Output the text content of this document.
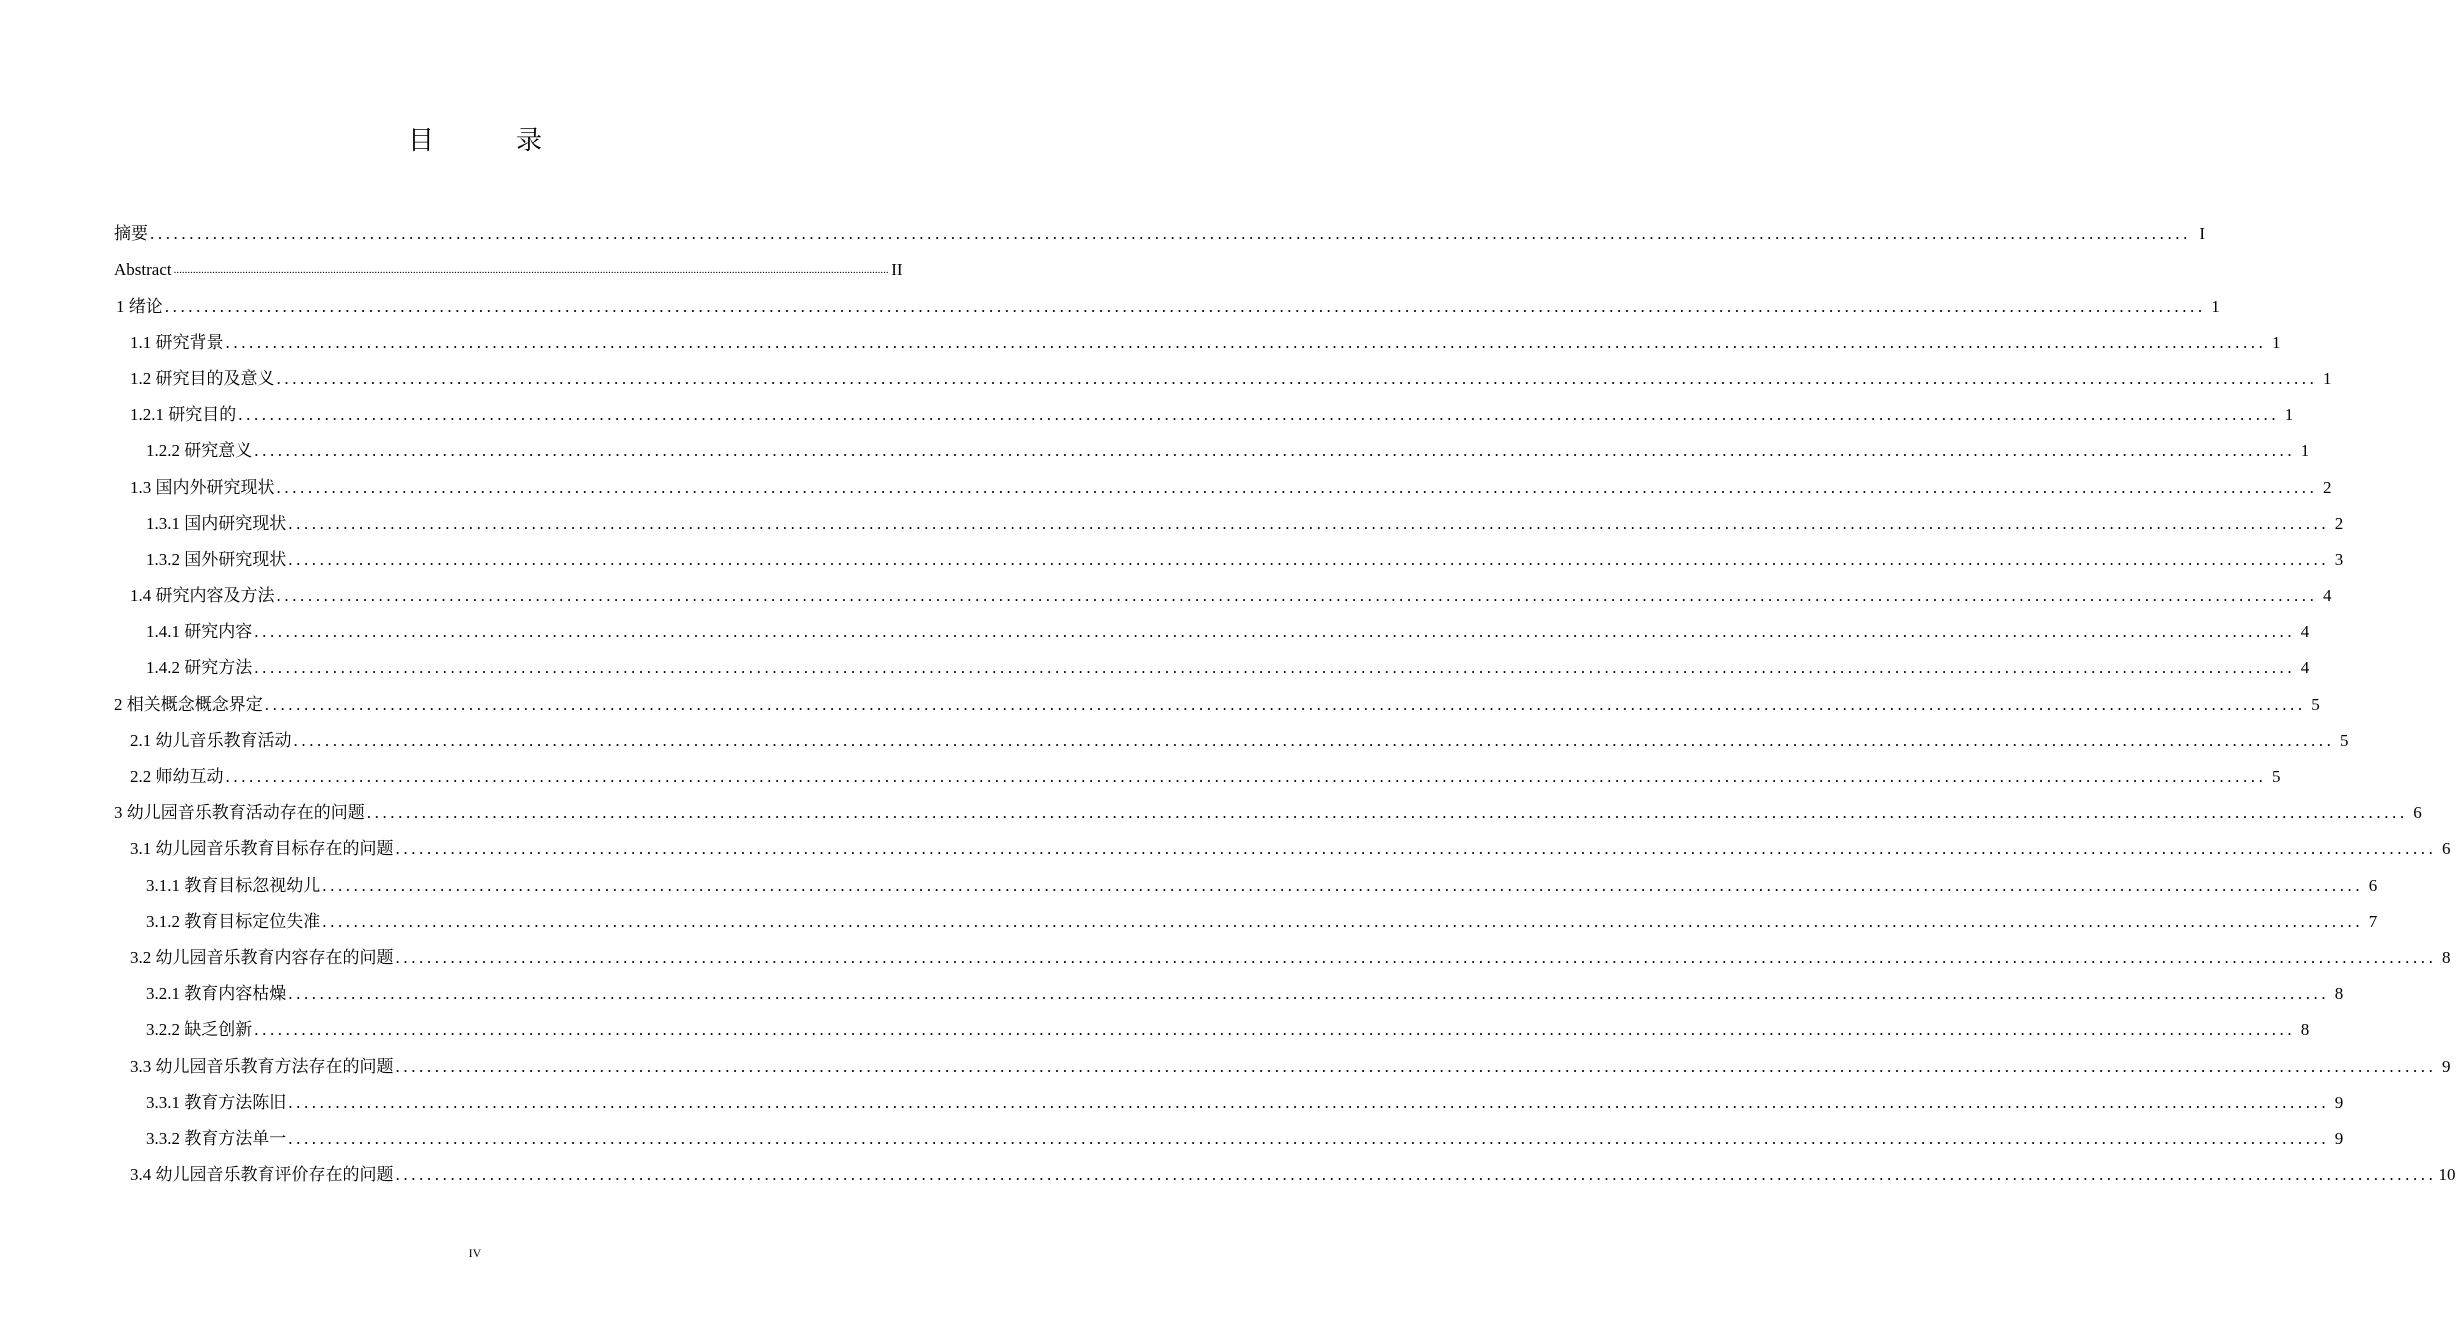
目　录
摘要 .................................................................................................................................................................................................................................................................... I
Abstract .................................................................................................................................................................................................................................................................... II
1 绪论 .................................................................................................................................................................................................................................................................... 1
1.1 研究背景 .................................................................................................................................................................................................................................................................... 1
1.2 研究目的及意义 .................................................................................................................................................................................................................................................................... 1
1.2.1 研究目的 .................................................................................................................................................................................................................................................................... 1
1.2.2 研究意义 .................................................................................................................................................................................................................................................................... 1
1.3 国内外研究现状 .................................................................................................................................................................................................................................................................... 2
1.3.1 国内研究现状 .................................................................................................................................................................................................................................................................... 2
1.3.2 国外研究现状 .................................................................................................................................................................................................................................................................... 3
1.4 研究内容及方法 .................................................................................................................................................................................................................................................................... 4
1.4.1 研究内容 .................................................................................................................................................................................................................................................................... 4
1.4.2 研究方法 .................................................................................................................................................................................................................................................................... 4
2 相关概念概念界定 .................................................................................................................................................................................................................................................................... 5
2.1 幼儿音乐教育活动 .................................................................................................................................................................................................................................................................... 5
2.2 师幼互动 .................................................................................................................................................................................................................................................................... 5
3 幼儿园音乐教育活动存在的问题 .................................................................................................................................................................................................................................................................... 6
3.1 幼儿园音乐教育目标存在的问题 .................................................................................................................................................................................................................................................................... 6
3.1.1 教育目标忽视幼儿 .................................................................................................................................................................................................................................................................... 6
3.1.2 教育目标定位失准 .................................................................................................................................................................................................................................................................... 7
3.2 幼儿园音乐教育内容存在的问题 .................................................................................................................................................................................................................................................................... 8
3.2.1 教育内容枯燥 .................................................................................................................................................................................................................................................................... 8
3.2.2 缺乏创新 .................................................................................................................................................................................................................................................................... 8
3.3 幼儿园音乐教育方法存在的问题 .................................................................................................................................................................................................................................................................... 9
3.3.1 教育方法陈旧 .................................................................................................................................................................................................................................................................... 9
3.3.2 教育方法单一 .................................................................................................................................................................................................................................................................... 9
3.4 幼儿园音乐教育评价存在的问题 .................................................................................................................................................................................................................................................................... 10
IV
